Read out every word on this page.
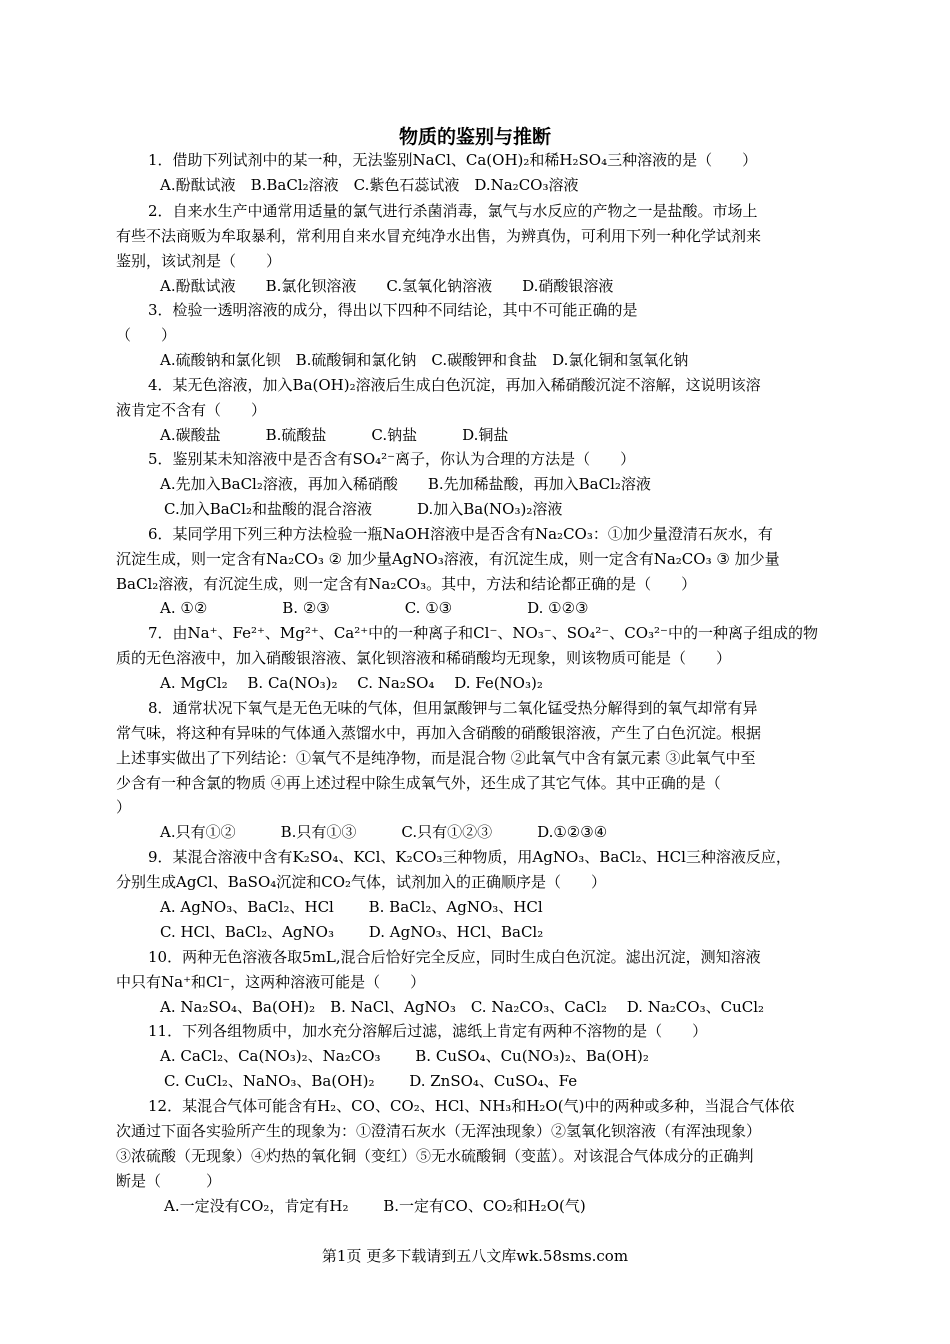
物质的鉴别与推断
1．借助下列试剂中的某一种，无法鉴别NaCl、Ca(OH)₂和稀H₂SO₄三种溶液的是（　　）
A.酚酞试液　B.BaCl₂溶液　C.紫色石蕊试液　D.Na₂CO₃溶液
2．自来水生产中通常用适量的氯气进行杀菌消毒，氯气与水反应的产物之一是盐酸。市场上
有些不法商贩为牟取暴利，常利用自来水冒充纯净水出售，为辨真伪，可利用下列一种化学试剂来
鉴别，该试剂是（　　）
A.酚酞试液　　B.氯化钡溶液　　C.氢氧化钠溶液　　D.硝酸银溶液
3．检验一透明溶液的成分，得出以下四种不同结论，其中不可能正确的是
（　　）
A.硫酸钠和氯化钡　B.硫酸铜和氯化钠　C.碳酸钾和食盐　D.氯化铜和氢氧化钠
4．某无色溶液，加入Ba(OH)₂溶液后生成白色沉淀，再加入稀硝酸沉淀不溶解，这说明该溶
液肯定不含有（　　）
A.碳酸盐　　　B.硫酸盐　　　C.钠盐　　　D.铜盐
5．鉴别某未知溶液中是否含有SO₄²⁻离子，你认为合理的方法是（　　）
A.先加入BaCl₂溶液，再加入稀硝酸　　B.先加稀盐酸，再加入BaCl₂溶液
C.加入BaCl₂和盐酸的混合溶液　　　D.加入Ba(NO₃)₂溶液
6．某同学用下列三种方法检验一瓶NaOH溶液中是否含有Na₂CO₃：①加少量澄清石灰水，有
沉淀生成，则一定含有Na₂CO₃ ② 加少量AgNO₃溶液，有沉淀生成，则一定含有Na₂CO₃ ③ 加少量
BaCl₂溶液，有沉淀生成，则一定含有Na₂CO₃。其中，方法和结论都正确的是（　　）
A. ①②　　　　　B. ②③　　　　　C. ①③　　　　　D. ①②③
7．由Na⁺、Fe²⁺、Mg²⁺、Ca²⁺中的一种离子和Cl⁻、NO₃⁻、SO₄²⁻、CO₃²⁻中的一种离子组成的物
质的无色溶液中，加入硝酸银溶液、氯化钡溶液和稀硝酸均无现象，则该物质可能是（　　）
A. MgCl₂　 B. Ca(NO₃)₂　 C. Na₂SO₄　 D. Fe(NO₃)₂
8．通常状况下氧气是无色无味的气体，但用氯酸钾与二氧化锰受热分解得到的氧气却常有异
常气味，将这种有异味的气体通入蒸馏水中，再加入含硝酸的硝酸银溶液，产生了白色沉淀。根据
上述事实做出了下列结论：①氧气不是纯净物，而是混合物 ②此氧气中含有氯元素 ③此氧气中至
少含有一种含氯的物质 ④再上述过程中除生成氧气外，还生成了其它气体。其中正确的是（
）
A.只有①②　　　B.只有①③　　　C.只有①②③　　　D.①②③④
9．某混合溶液中含有K₂SO₄、KCl、K₂CO₃三种物质，用AgNO₃、BaCl₂、HCl三种溶液反应，
分别生成AgCl、BaSO₄沉淀和CO₂气体，试剂加入的正确顺序是（　　）
A. AgNO₃、BaCl₂、HCl　　 B. BaCl₂、AgNO₃、HCl
C. HCl、BaCl₂、AgNO₃　　 D. AgNO₃、HCl、BaCl₂
10．两种无色溶液各取5mL,混合后恰好完全反应，同时生成白色沉淀。滤出沉淀，测知溶液
中只有Na⁺和Cl⁻，这两种溶液可能是（　　）
A. Na₂SO₄、Ba(OH)₂　B. NaCl、AgNO₃　C. Na₂CO₃、CaCl₂　 D. Na₂CO₃、CuCl₂
11．下列各组物质中，加水充分溶解后过滤，滤纸上肯定有两种不溶物的是（　　）
A. CaCl₂、Ca(NO₃)₂、Na₂CO₃　　 B. CuSO₄、Cu(NO₃)₂、Ba(OH)₂
C. CuCl₂、NaNO₃、Ba(OH)₂　　 D. ZnSO₄、CuSO₄、Fe
12．某混合气体可能含有H₂、CO、CO₂、HCl、NH₃和H₂O(气)中的两种或多种，当混合气体依
次通过下面各实验所产生的现象为：①澄清石灰水（无浑浊现象）②氢氧化钡溶液（有浑浊现象）
③浓硫酸（无现象）④灼热的氧化铜（变红）⑤无水硫酸铜（变蓝）。对该混合气体成分的正确判
断是（　　　）
A.一定没有CO₂，肯定有H₂　　 B.一定有CO、CO₂和H₂O(气)
第1页 更多下载请到五八文库wk.58sms.com
